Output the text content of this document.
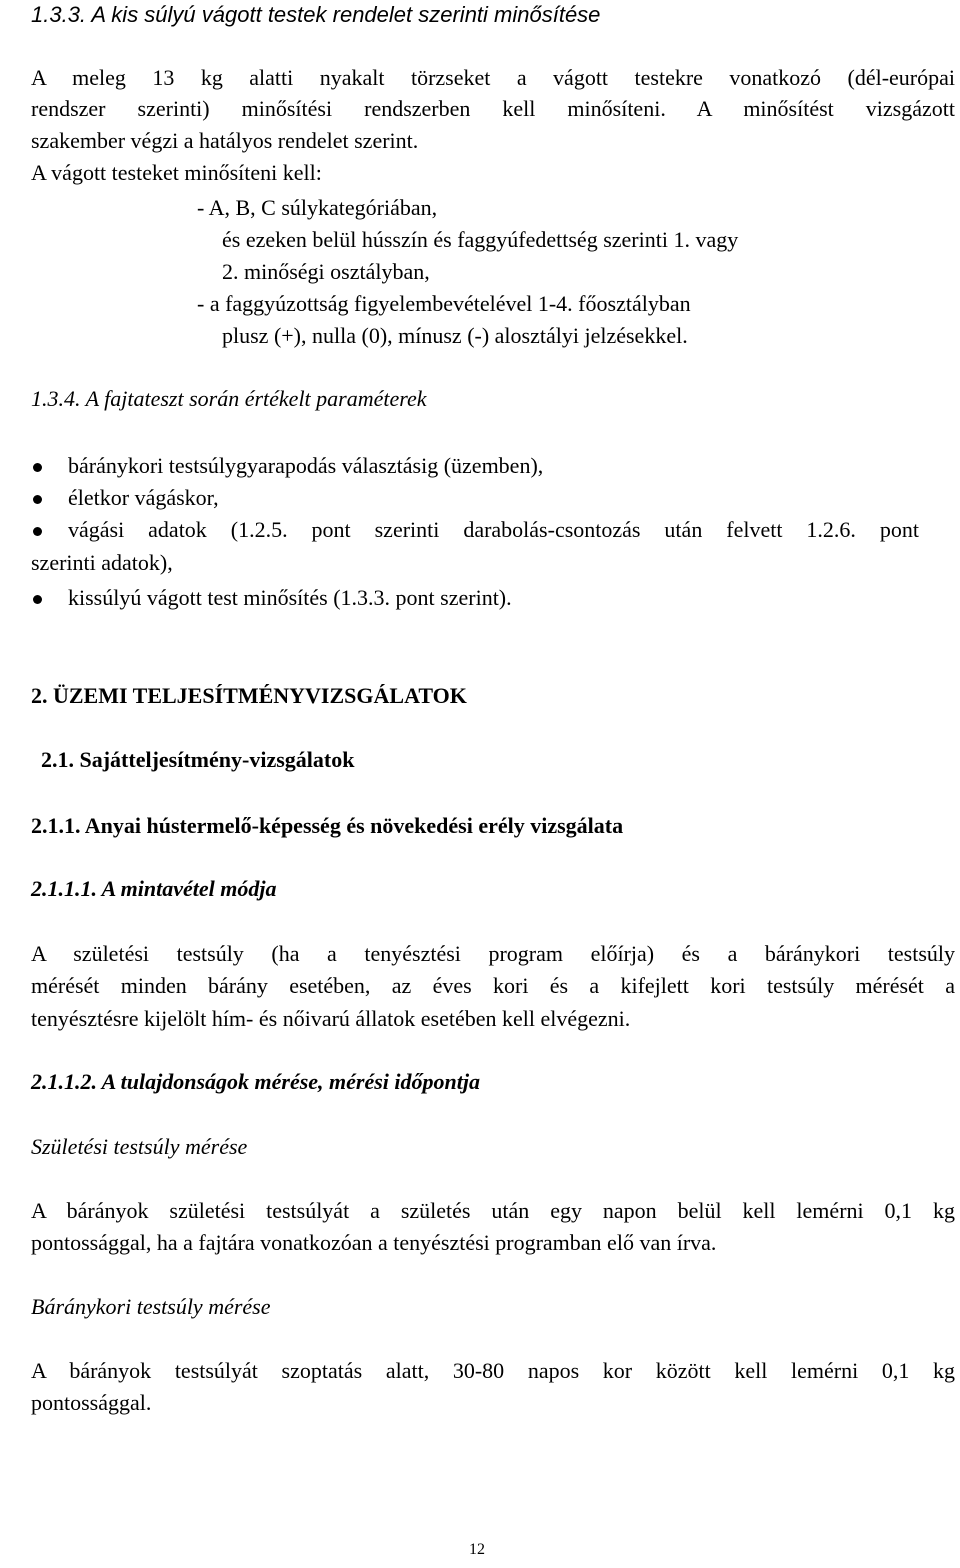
1.3.3. A kis súlyú vágott testek rendelet szerinti minősítése
A meleg 13 kg alatti nyakalt törzseket a vágott testekre vonatkozó (dél-európai
rendszer szerinti) minősítési rendszerben kell minősíteni. A minősítést vizsgázott
szakember végzi a hatályos rendelet szerint.
A vágott testeket minősíteni kell:
- A, B, C súlykategóriában,
és ezeken belül hússzín és faggyúfedettség szerinti 1. vagy
2. minőségi osztályban,
- a faggyúzottság figyelembevételével 1-4. főosztályban
plusz (+), nulla (0), mínusz (-) alosztályi jelzésekkel.
1.3.4. A fajtateszt során értékelt paraméterek
báránykori testsúlygyarapodás választásig (üzemben),
életkor vágáskor,
vágási adatok (1.2.5. pont szerinti darabolás-csontozás után felvett 1.2.6. pont
szerinti adatok),
kissúlyú vágott test minősítés (1.3.3. pont szerint).
2. ÜZEMI TELJESÍTMÉNYVIZSGÁLATOK
2.1. Sajátteljesítmény-vizsgálatok
2.1.1. Anyai hústermelő-képesség és növekedési erély vizsgálata
2.1.1.1. A mintavétel módja
A születési testsúly (ha a tenyésztési program előírja) és a báránykori testsúly
mérését minden bárány esetében, az éves kori és a kifejlett kori testsúly mérését a
tenyésztésre kijelölt hím- és nőivarú állatok esetében kell elvégezni.
2.1.1.2. A tulajdonságok mérése, mérési időpontja
Születési testsúly mérése
A bárányok születési testsúlyát a születés után egy napon belül kell lemérni 0,1 kg
pontossággal, ha a fajtára vonatkozóan a tenyésztési programban elő van írva.
Báránykori testsúly mérése
A bárányok testsúlyát szoptatás alatt, 30-80 napos kor között kell lemérni 0,1 kg
pontossággal.
12
